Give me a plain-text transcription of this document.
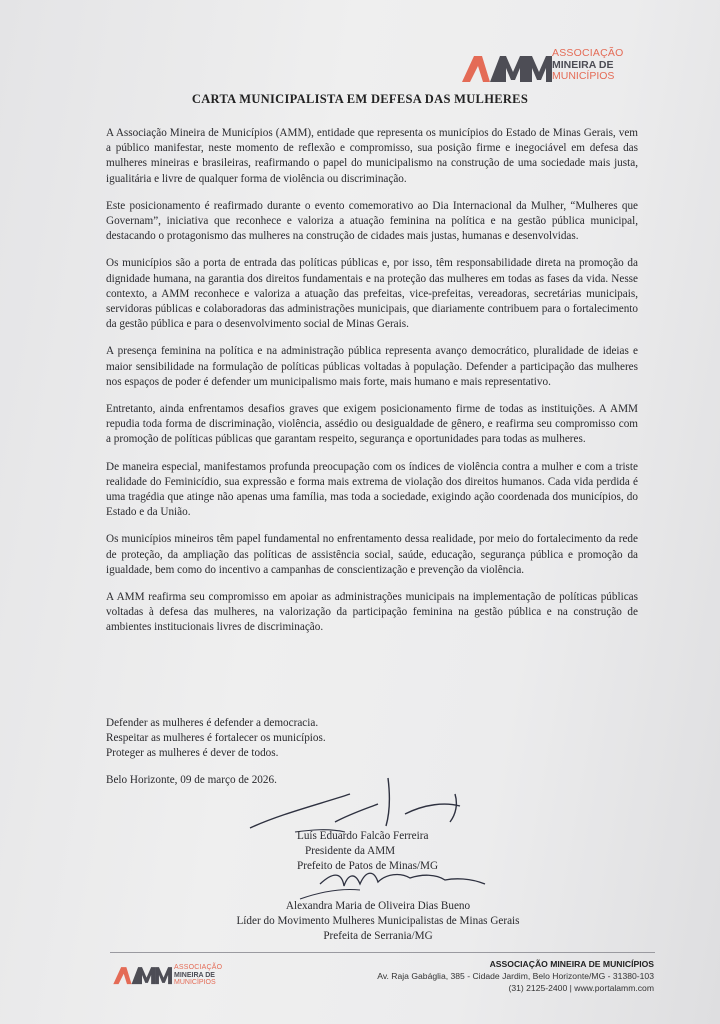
ASSOCIAÇÃO
MINEIRA DE
MUNICÍPIOS
CARTA MUNICIPALISTA EM DEFESA DAS MULHERES

A Associação Mineira de Municípios (AMM), entidade que representa os municípios do Estado de Minas Gerais, vem a público manifestar, neste momento de reflexão e compromisso, sua posição firme e inegociável em defesa das mulheres mineiras e brasileiras, reafirmando o papel do municipalismo na construção de uma sociedade mais justa, igualitária e livre de qualquer forma de violência ou discriminação.

Este posicionamento é reafirmado durante o evento comemorativo ao Dia Internacional da Mulher, “Mulheres que Governam”, iniciativa que reconhece e valoriza a atuação feminina na política e na gestão pública municipal, destacando o protagonismo das mulheres na construção de cidades mais justas, humanas e desenvolvidas.

Os municípios são a porta de entrada das políticas públicas e, por isso, têm responsabilidade direta na promoção da dignidade humana, na garantia dos direitos fundamentais e na proteção das mulheres em todas as fases da vida. Nesse contexto, a AMM reconhece e valoriza a atuação das prefeitas, vice-prefeitas, vereadoras, secretárias municipais, servidoras públicas e colaboradoras das administrações municipais, que diariamente contribuem para o fortalecimento da gestão pública e para o desenvolvimento social de Minas Gerais.

A presença feminina na política e na administração pública representa avanço democrático, pluralidade de ideias e maior sensibilidade na formulação de políticas públicas voltadas à população. Defender a participação das mulheres nos espaços de poder é defender um municipalismo mais forte, mais humano e mais representativo.

Entretanto, ainda enfrentamos desafios graves que exigem posicionamento firme de todas as instituições. A AMM repudia toda forma de discriminação, violência, assédio ou desigualdade de gênero, e reafirma seu compromisso com a promoção de políticas públicas que garantam respeito, segurança e oportunidades para todas as mulheres.

De maneira especial, manifestamos profunda preocupação com os índices de violência contra a mulher e com a triste realidade do Feminicídio, sua expressão e forma mais extrema de violação dos direitos humanos. Cada vida perdida é uma tragédia que atinge não apenas uma família, mas toda a sociedade, exigindo ação coordenada dos municípios, do Estado e da União.

Os municípios mineiros têm papel fundamental no enfrentamento dessa realidade, por meio do fortalecimento da rede de proteção, da ampliação das políticas de assistência social, saúde, educação, segurança pública e promoção da igualdade, bem como do incentivo a campanhas de conscientização e prevenção da violência.

A AMM reafirma seu compromisso em apoiar as administrações municipais na implementação de políticas públicas voltadas à defesa das mulheres, na valorização da participação feminina na gestão pública e na construção de ambientes institucionais livres de discriminação.

Defender as mulheres é defender a democracia.
Respeitar as mulheres é fortalecer os municípios.
Proteger as mulheres é dever de todos.
Belo Horizonte, 09 de março de 2026.
Luís Eduardo Falcão Ferreira
Presidente da AMM
Prefeito de Patos de Minas/MG
Alexandra Maria de Oliveira Dias Bueno
Líder do Movimento Mulheres Municipalistas de Minas Gerais
Prefeita de Serrania/MG
ASSOCIAÇÃO
MINEIRA DE
MUNICÍPIOS
ASSOCIAÇÃO MINEIRA DE MUNICÍPIOS
Av. Raja Gabáglia, 385 - Cidade Jardim, Belo Horizonte/MG - 31380-103
(31) 2125-2400 | www.portalamm.com
